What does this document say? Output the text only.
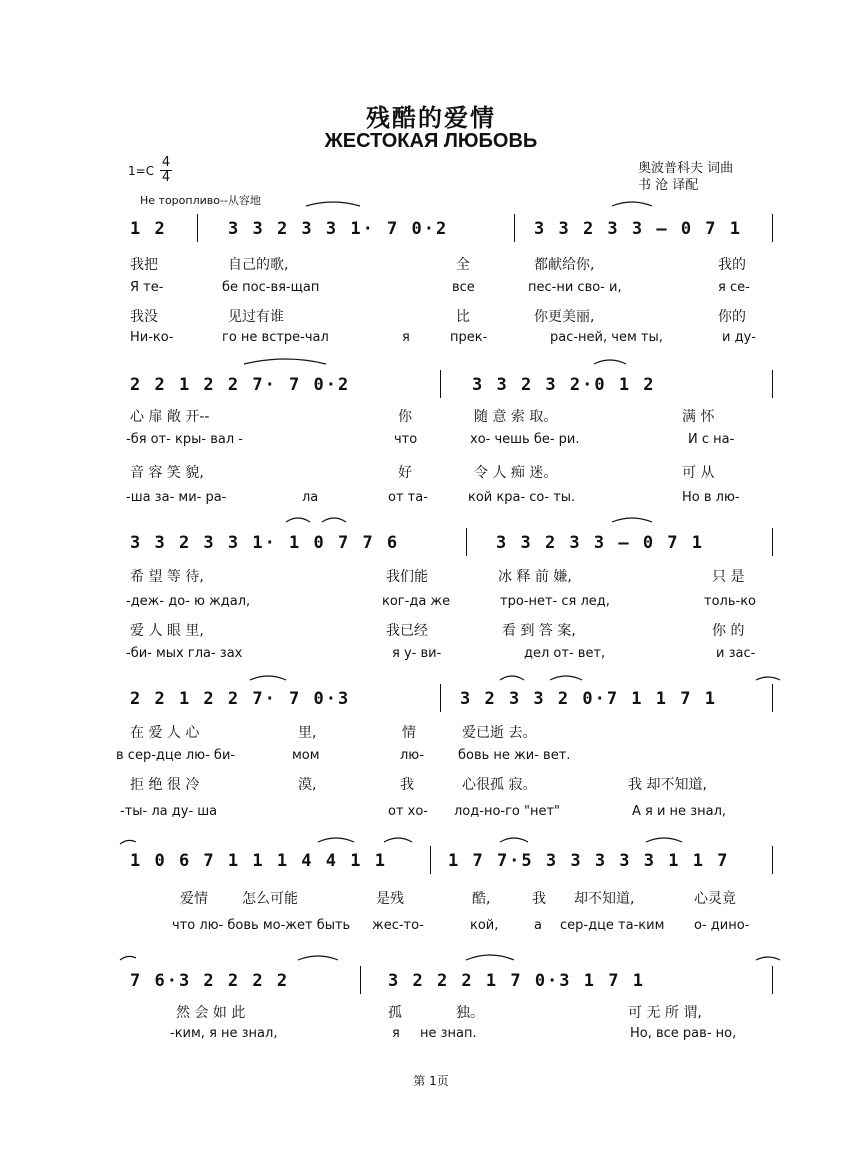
残酷的爱情
ЖЕСТОКАЯ ЛЮБОВЬ
$1=C \frac{4}{4}$
Не торопливо--从容地
奥波普科夫 词曲
书 沧 译配
1 2	3 3 2 3 3 1· 7 0·2	3 3 2 3 3 – 0 7 1
我把	自己的歌,	全	都献给你,	我的
Я те-	бе пос-вя-щап	все	пес-ни сво- и,	я се-
我没	见过有谁	比	你更美丽,	你的
Ни-ко-	го не встре-чал	я	прек-	рас-ней, чем ты,	и ду-
2 2 1 2 2 7· 7 0·2	3 3 2 3 2·0 1 2
心 扉 敞 开--	你	随 意 索 取。	满 怀
-бя от- кры- вал -	что	хо- чешь бе- ри.	И с на-
音 容 笑 貌,	好	令 人 痴 迷。	可 从
-ша за- ми- ра-	ла	от та-	кой кра- со- ты.	Но в лю-
3 3 2 3 3 1· 1 0 7 7 6	3 3 2 3 3 – 0 7 1
希 望 等 待,	我们能	冰 释 前 嫌,	只 是
-деж- до- ю ждал,	ког-да же	тро-нет- ся лед,	толь-ко
爱 人 眼 里,	我已经	看 到 答 案,	你 的
-би- мых гла- зах	я у- ви-	дел от- вет,	и зас-
2 2 1 2 2 7· 7 0·3	3 2 3 3 2 0·7 1 1 7 1
在 爱 人 心	里,	情	爱已逝 去。
в сер-дце лю- би-	мом	лю-	бовь не жи- вет.
拒 绝 很 冷	漠,	我	心很孤 寂。	我 却不知道,
-ты- ла ду- ша	от хо- лод-но-го "нет"	А я и не знал,
1 0 6 7 1 1 1 4 4 1 1	1 7 7·5 3 3 3 3 3 1 1 7
爱情 怎么可能	是残	酷,	我 却不知道,	心灵竟
что лю- бовь мо-жет быть жес-то-	кой,	а сер-дце та-ким о- дино-
7 6·3 2 2 2 2	3 2 2 2 1 7 0·3 1 7 1
然 会 如 此	孤	独。	可 无 所 谓,
-ким, я не знал,	я не знап.	Но, все рав- но,
第 1页
